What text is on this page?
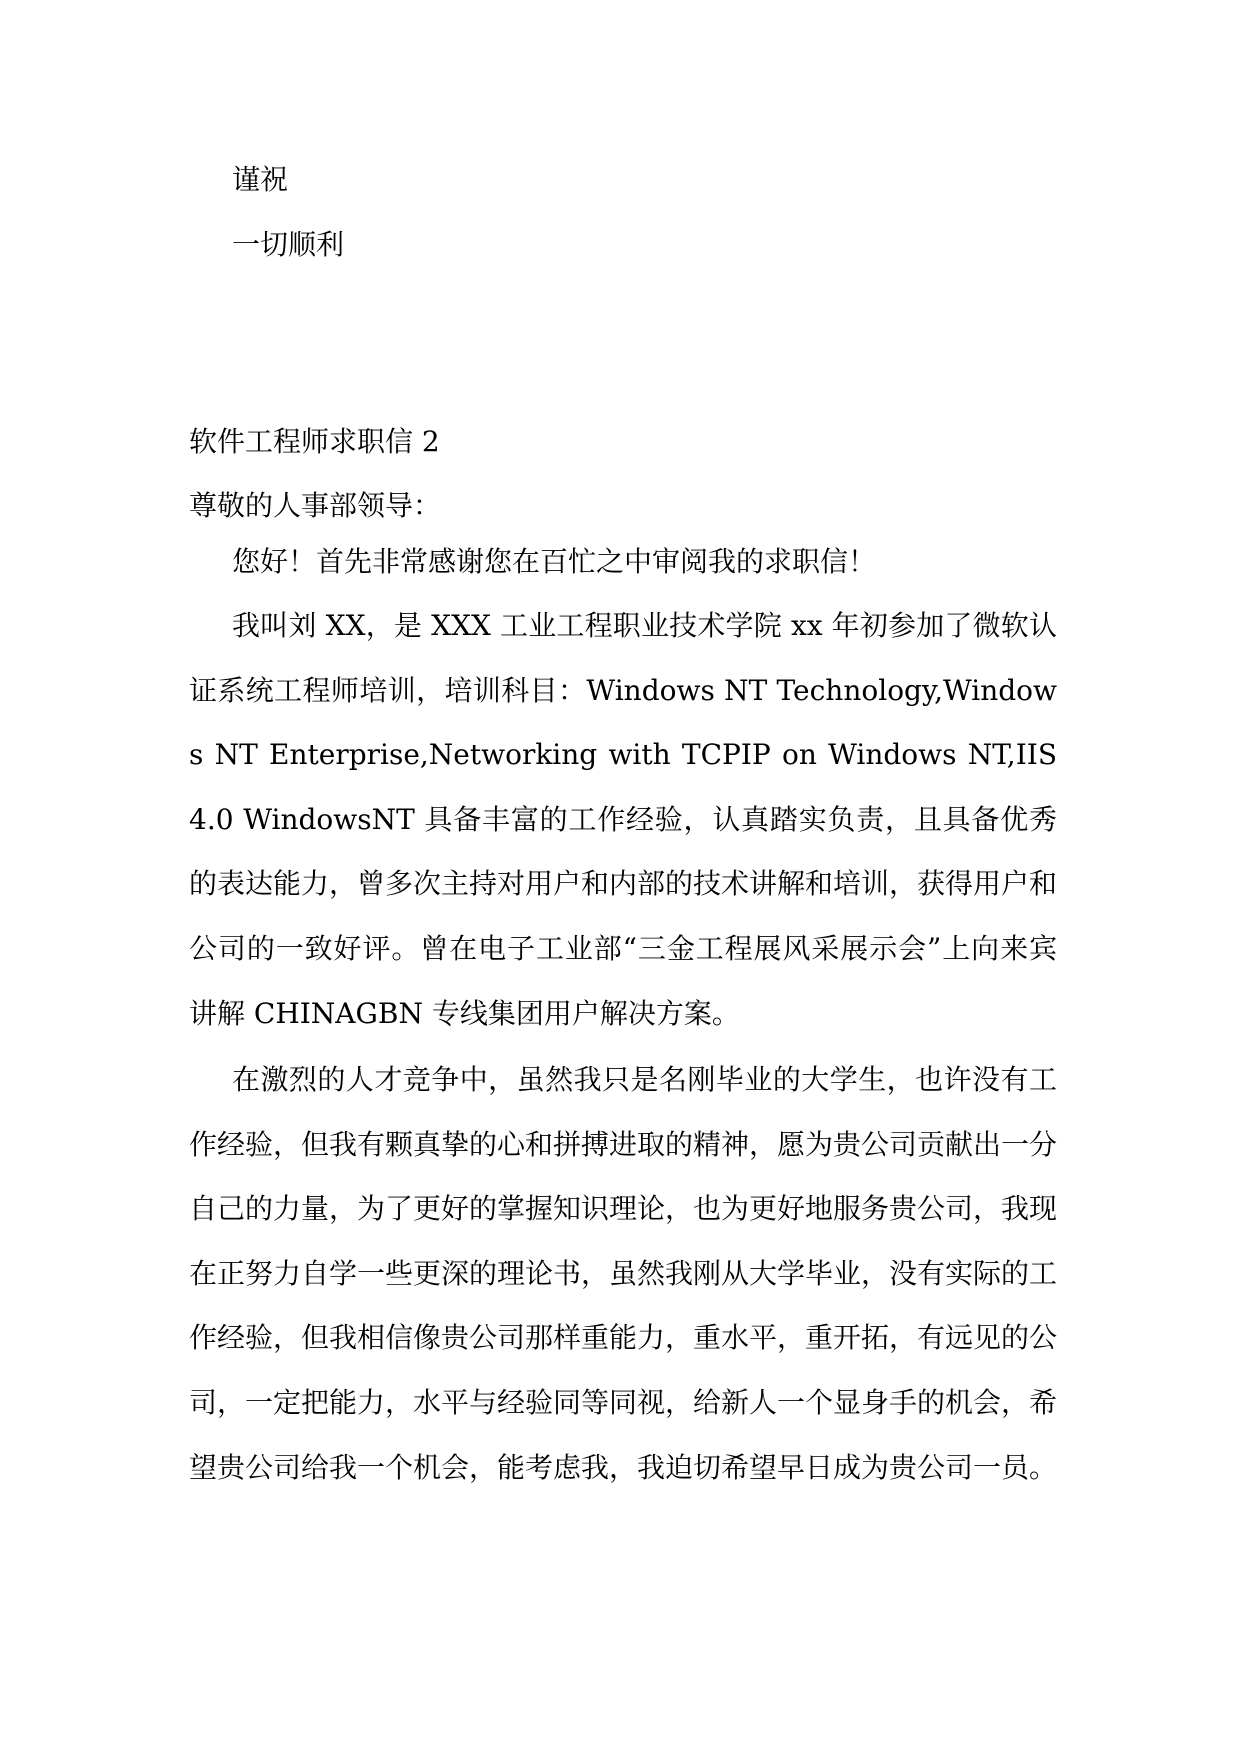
谨祝
一切顺利
软件工程师求职信 2
尊敬的人事部领导：
您好！首先非常感谢您在百忙之中审阅我的求职信！
我叫刘 XX，是 XXX 工业工程职业技术学院 xx 年初参加了微软认证系统工程师培训，培训科目：Windows NT Technology,Windows NT Enterprise,Networking with TCPIP on Windows NT,IIS4.0 WindowsNT 具备丰富的工作经验，认真踏实负责，且具备优秀的表达能力，曾多次主持对用户和内部的技术讲解和培训，获得用户和公司的一致好评。曾在电子工业部“三金工程展风采展示会”上向来宾讲解 CHINAGBN 专线集团用户解决方案。
在激烈的人才竞争中，虽然我只是名刚毕业的大学生，也许没有工作经验，但我有颗真挚的心和拼搏进取的精神，愿为贵公司贡献出一分自己的力量，为了更好的掌握知识理论，也为更好地服务贵公司，我现在正努力自学一些更深的理论书，虽然我刚从大学毕业，没有实际的工作经验，但我相信像贵公司那样重能力，重水平，重开拓，有远见的公司，一定把能力，水平与经验同等同视，给新人一个显身手的机会，希望贵公司给我一个机会，能考虑我，我迫切希望早日成为贵公司一员。
